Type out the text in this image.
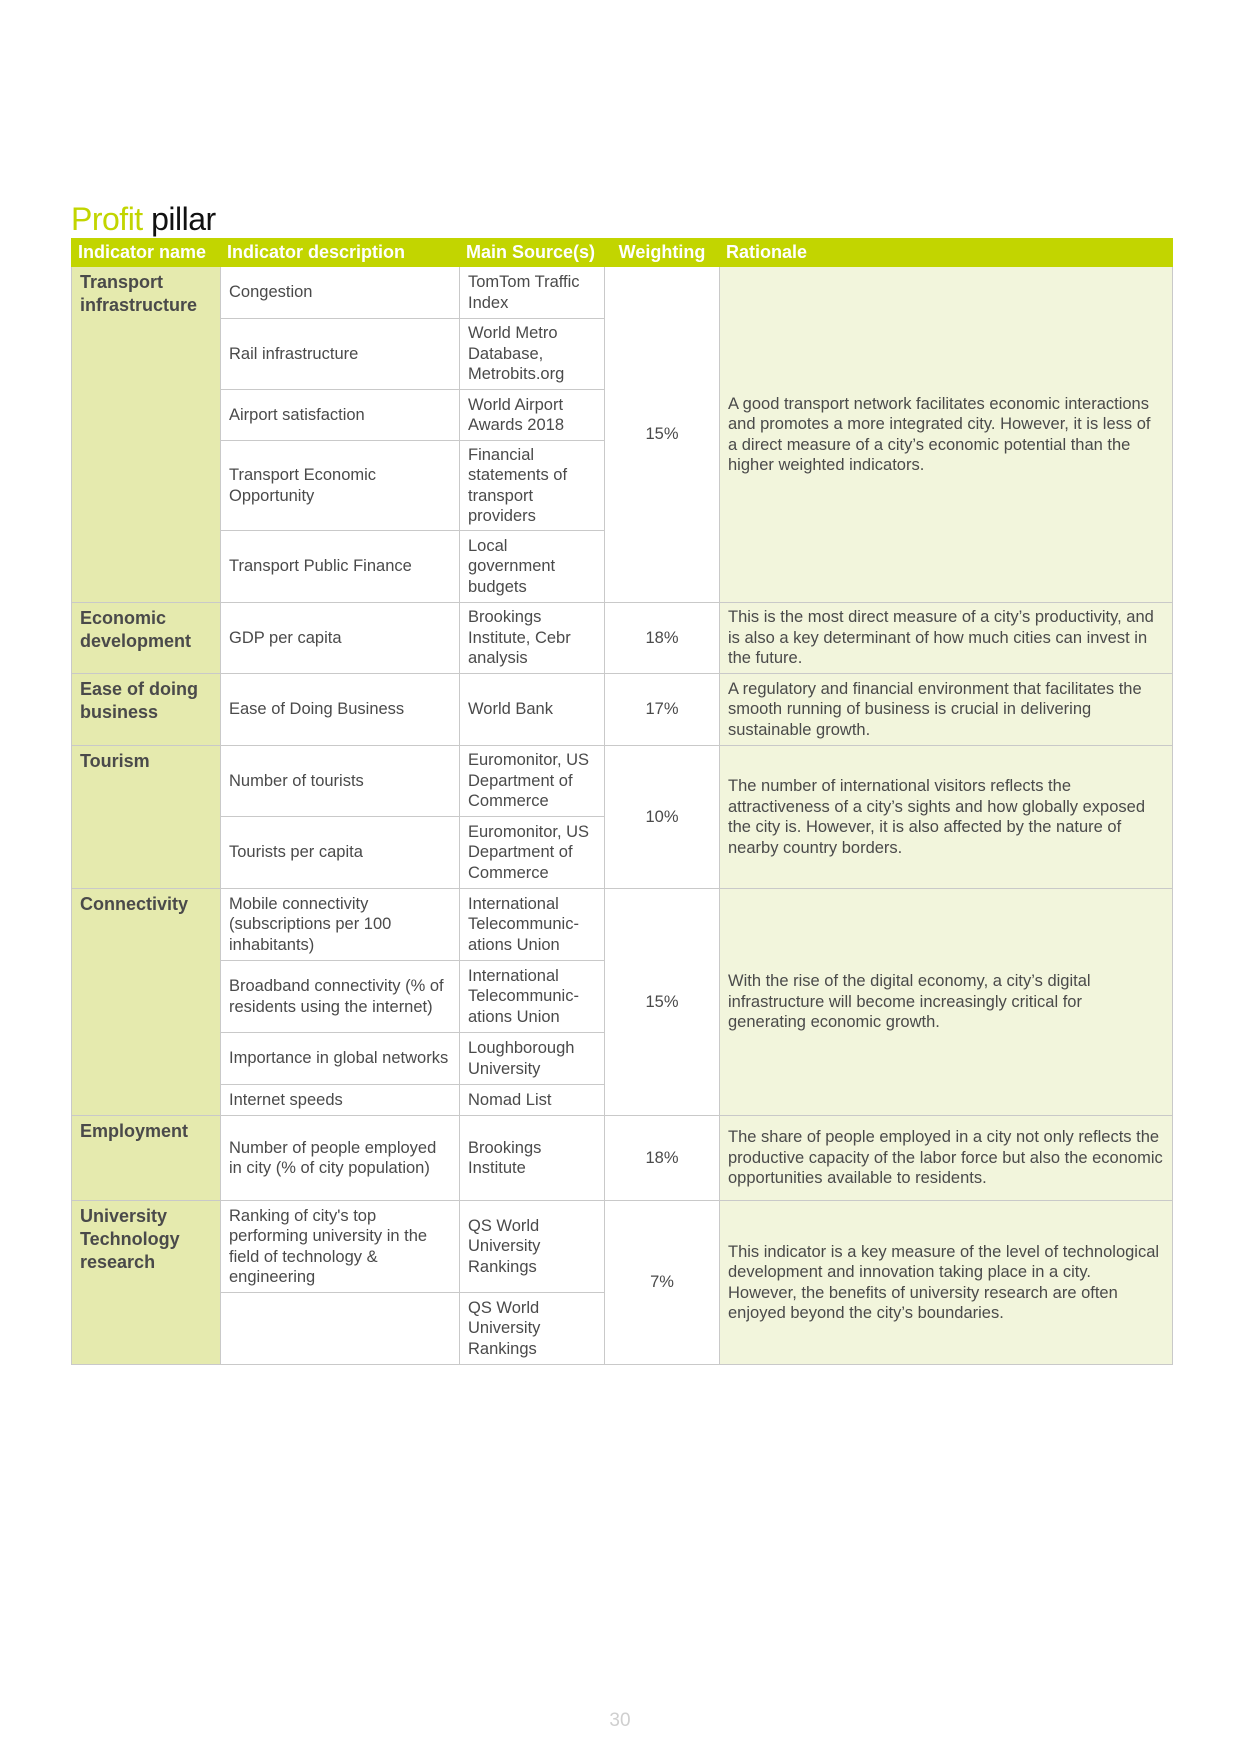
Profit pillar
Indicator name	Indicator description	Main Source(s)	Weighting	Rationale
Transport infrastructure	Congestion	TomTom Traffic Index	15%	A good transport network facilitates economic interactions and promotes a more integrated city. However, it is less of a direct measure of a city’s economic potential than the higher weighted indicators.
	Rail infrastructure	World Metro Database, Metrobits.org		
	Airport satisfaction	World Airport Awards 2018		
	Transport Economic Opportunity	Financial statements of transport providers		
	Transport Public Finance	Local government budgets		
Economic development	GDP per capita	Brookings Institute, Cebr analysis	18%	This is the most direct measure of a city’s productivity, and is also a key determinant of how much cities can invest in the future.
Ease of doing business	Ease of Doing Business	World Bank	17%	A regulatory and financial environment that facilitates the smooth running of business is crucial in delivering sustainable growth.
Tourism	Number of tourists	Euromonitor, US Department of Commerce	10%	The number of international visitors reflects the attractiveness of a city’s sights and how globally exposed the city is. However, it is also affected by the nature of nearby country borders.
	Tourists per capita	Euromonitor, US Department of Commerce		
Connectivity	Mobile connectivity (subscriptions per 100 inhabitants)	International Telecommunic-ations Union	15%	With the rise of the digital economy, a city’s digital infrastructure will become increasingly critical for generating economic growth.
	Broadband connectivity (% of residents using the internet)	International Telecommunic-ations Union		
	Importance in global networks	Loughborough University		
	Internet speeds	Nomad List		
Employment	Number of people employed in city (% of city population)	Brookings Institute	18%	The share of people employed in a city not only reflects the productive capacity of the labor force but also the economic opportunities available to residents.
University Technology research	Ranking of city's top performing university in the field of technology & engineering	QS World University Rankings	7%	This indicator is a key measure of the level of technological development and innovation taking place in a city. However, the benefits of university research are often enjoyed beyond the city’s boundaries.
		QS World University Rankings		
30
